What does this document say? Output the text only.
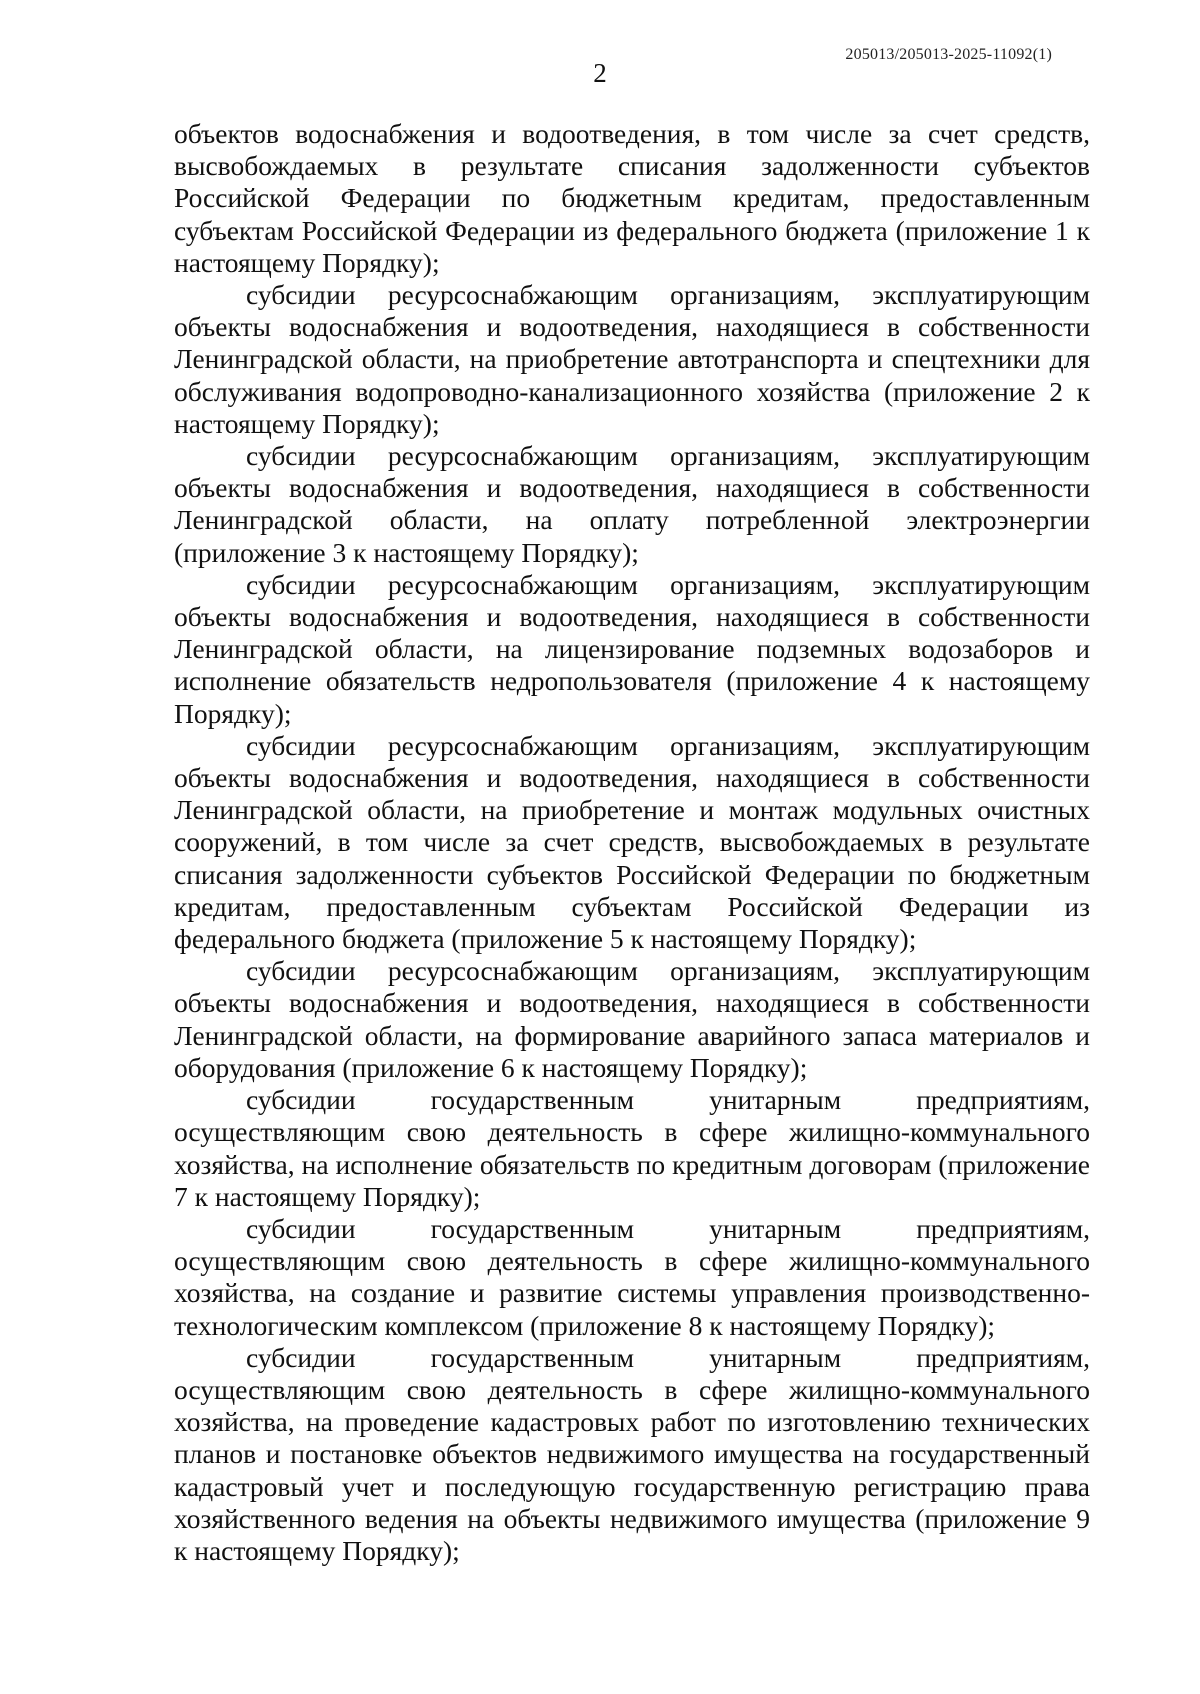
205013/205013-2025-11092(1)
2

объектов водоснабжения и водоотведения, в том числе за счет средств, высвобождаемых в результате списания задолженности субъектов Российской Федерации по бюджетным кредитам, предоставленным субъектам Российской Федерации из федерального бюджета (приложение 1 к настоящему Порядку);

субсидии ресурсоснабжающим организациям, эксплуатирующим объекты водоснабжения и водоотведения, находящиеся в собственности Ленинградской области, на приобретение автотранспорта и спецтехники для обслуживания водопроводно-канализационного хозяйства (приложение 2 к настоящему Порядку);

субсидии ресурсоснабжающим организациям, эксплуатирующим объекты водоснабжения и водоотведения, находящиеся в собственности Ленинградской области, на оплату потребленной электроэнергии (приложение 3 к настоящему Порядку);

субсидии ресурсоснабжающим организациям, эксплуатирующим объекты водоснабжения и водоотведения, находящиеся в собственности Ленинградской области, на лицензирование подземных водозаборов и исполнение обязательств недропользователя (приложение 4 к настоящему Порядку);

субсидии ресурсоснабжающим организациям, эксплуатирующим объекты водоснабжения и водоотведения, находящиеся в собственности Ленинградской области, на приобретение и монтаж модульных очистных сооружений, в том числе за счет средств, высвобождаемых в результате списания задолженности субъектов Российской Федерации по бюджетным кредитам, предоставленным субъектам Российской Федерации из федерального бюджета (приложение 5 к настоящему Порядку);

субсидии ресурсоснабжающим организациям, эксплуатирующим объекты водоснабжения и водоотведения, находящиеся в собственности Ленинградской области, на формирование аварийного запаса материалов и оборудования (приложение 6 к настоящему Порядку);

субсидии государственным унитарным предприятиям, осуществляющим свою деятельность в сфере жилищно-коммунального хозяйства, на исполнение обязательств по кредитным договорам (приложение 7 к настоящему Порядку);

субсидии государственным унитарным предприятиям, осуществляющим свою деятельность в сфере жилищно-коммунального хозяйства, на создание и развитие системы управления производственно-технологическим комплексом (приложение 8 к настоящему Порядку);

субсидии государственным унитарным предприятиям, осуществляющим свою деятельность в сфере жилищно-коммунального хозяйства, на проведение кадастровых работ по изготовлению технических планов и постановке объектов недвижимого имущества на государственный кадастровый учет и последующую государственную регистрацию права хозяйственного ведения на объекты недвижимого имущества (приложение 9 к настоящему Порядку);
